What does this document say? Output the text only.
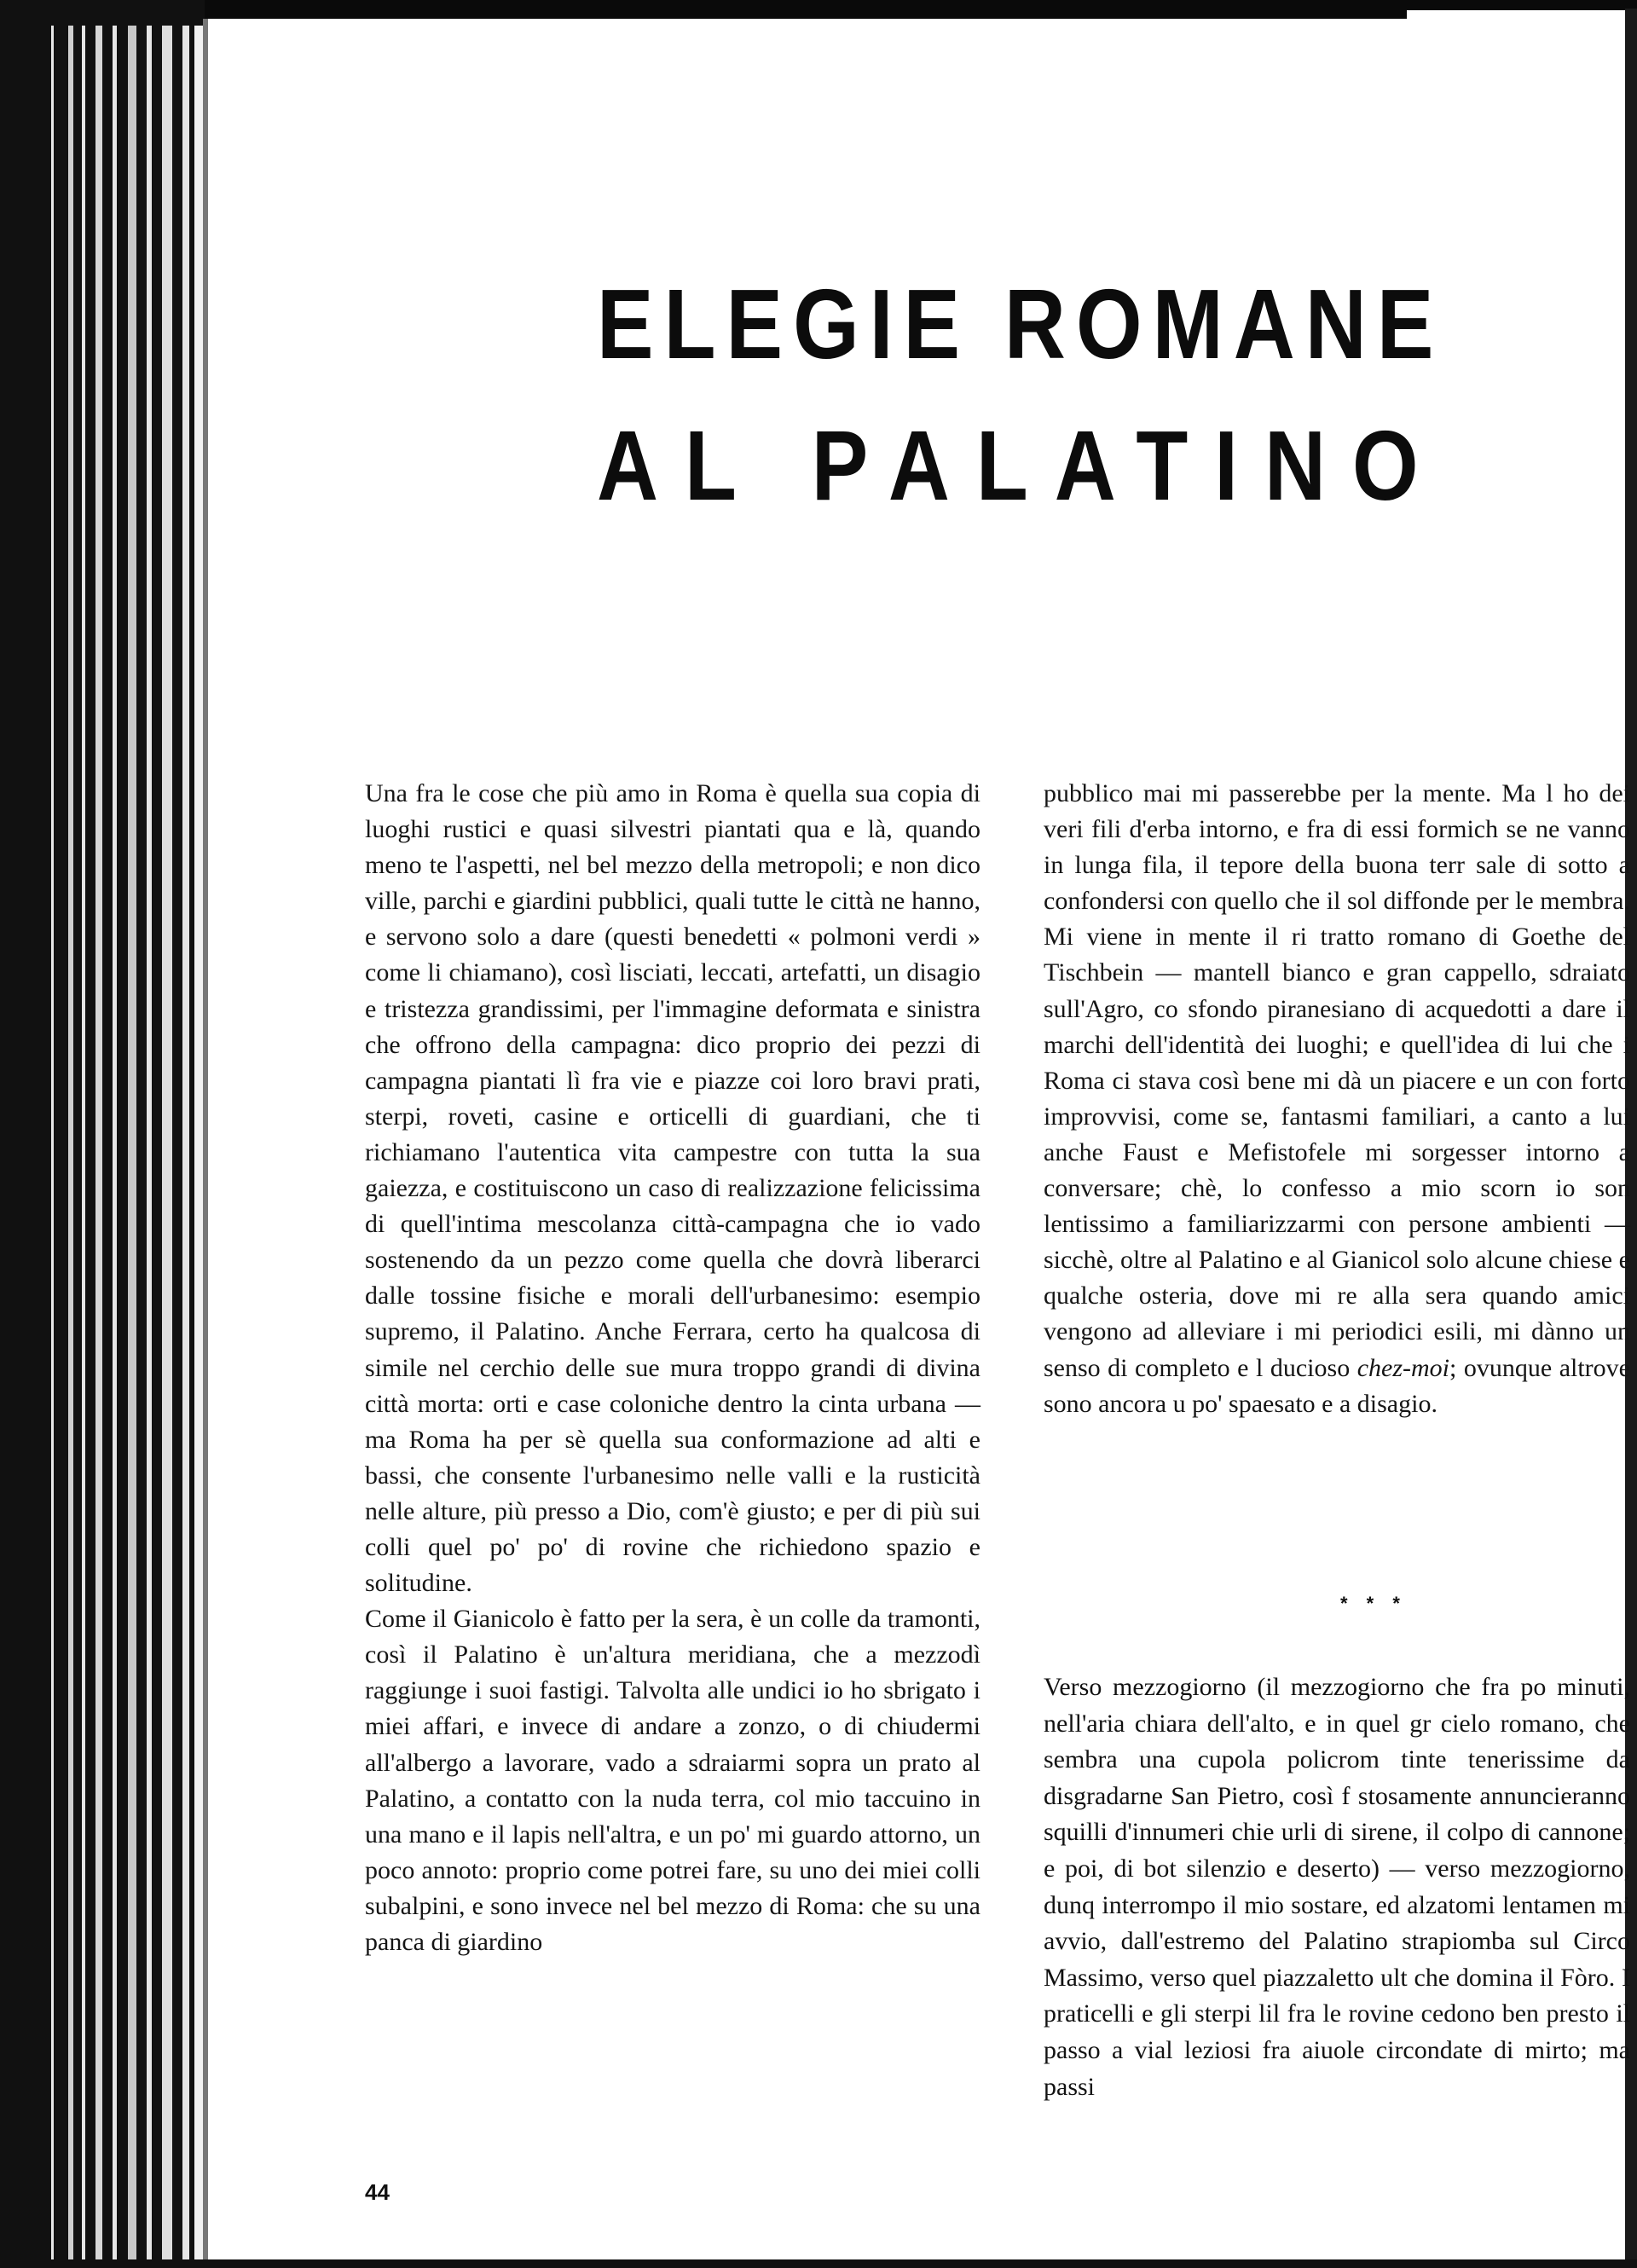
ELEGIE ROMANE
AL PALATINO

Una fra le cose che più amo in Roma è quella sua copia di luoghi rustici e quasi silvestri piantati qua e là, quando meno te l'aspetti, nel bel mezzo della metropoli; e non dico ville, parchi e giardini pubblici, quali tutte le città ne hanno, e servono solo a dare (questi benedetti « polmoni verdi » come li chiamano), così lisciati, leccati, artefatti, un disagio e tristezza grandissimi, per l'immagine deformata e sinistra che offrono della campagna: dico proprio dei pezzi di campagna piantati lì fra vie e piazze coi loro bravi prati, sterpi, roveti, casine e orticelli di guardiani, che ti richiamano l'autentica vita campestre con tutta la sua gaiezza, e costituiscono un caso di realizzazione felicissima di quell'intima mescolanza città-campagna che io vado sostenendo da un pezzo come quella che dovrà liberarci dalle tossine fisiche e morali dell'urbanesimo: esempio supremo, il Palatino. Anche Ferrara, certo ha qualcosa di simile nel cerchio delle sue mura troppo grandi di divina città morta: orti e case coloniche dentro la cinta urbana — ma Roma ha per sè quella sua conformazione ad alti e bassi, che consente l'urbanesimo nelle valli e la rusticità nelle alture, più presso a Dio, com'è giusto; e per di più sui colli quel po' po' di rovine che richiedono spazio e solitudine.

Come il Gianicolo è fatto per la sera, è un colle da tramonti, così il Palatino è un'altura meridiana, che a mezzodì raggiunge i suoi fastigi. Talvolta alle undici io ho sbrigato i miei affari, e invece di andare a zonzo, o di chiudermi all'albergo a lavorare, vado a sdraiarmi sopra un prato al Palatino, a contatto con la nuda terra, col mio taccuino in una mano e il lapis nell'altra, e un po' mi guardo attorno, un poco annoto: proprio come potrei fare, su uno dei miei colli subalpini, e sono invece nel bel mezzo di Roma: che su una panca di giardino

pubblico mai mi passerebbe per la mente. Ma l ho dei veri fili d'erba intorno, e fra di essi formich se ne vanno in lunga fila, il tepore della buona terr sale di sotto a confondersi con quello che il sol diffonde per le membra. Mi viene in mente il ri tratto romano di Goethe del Tischbein — mantell bianco e gran cappello, sdraiato sull'Agro, co sfondo piranesiano di acquedotti a dare il marchi dell'identità dei luoghi; e quell'idea di lui che i Roma ci stava così bene mi dà un piacere e un con forto improvvisi, come se, fantasmi familiari, a canto a lui anche Faust e Mefistofele mi sorgesser intorno a conversare; chè, lo confesso a mio scorn io son lentissimo a familiarizzarmi con persone ambienti — sicchè, oltre al Palatino e al Gianicol solo alcune chiese e qualche osteria, dove mi re alla sera quando amici vengono ad alleviare i mi periodici esili, mi dànno un senso di completo e l ducioso chez-moi; ovunque altrove sono ancora u po' spaesato e a disagio.

* * *
Verso mezzogiorno (il mezzogiorno che fra po minuti, nell'aria chiara dell'alto, e in quel gr cielo romano, che sembra una cupola policrom tinte tenerissime da disgradarne San Pietro, così f stosamente annuncieranno squilli d'innumeri chie urli di sirene, il colpo di cannone; e poi, di bot silenzio e deserto) — verso mezzogiorno, dunq interrompo il mio sostare, ed alzatomi lentamen mi avvio, dall'estremo del Palatino strapiomba sul Circo Massimo, verso quel piazzaletto ult che domina il Fòro. I praticelli e gli sterpi lil fra le rovine cedono ben presto il passo a vial leziosi fra aiuole circondate di mirto; ma passi
44
